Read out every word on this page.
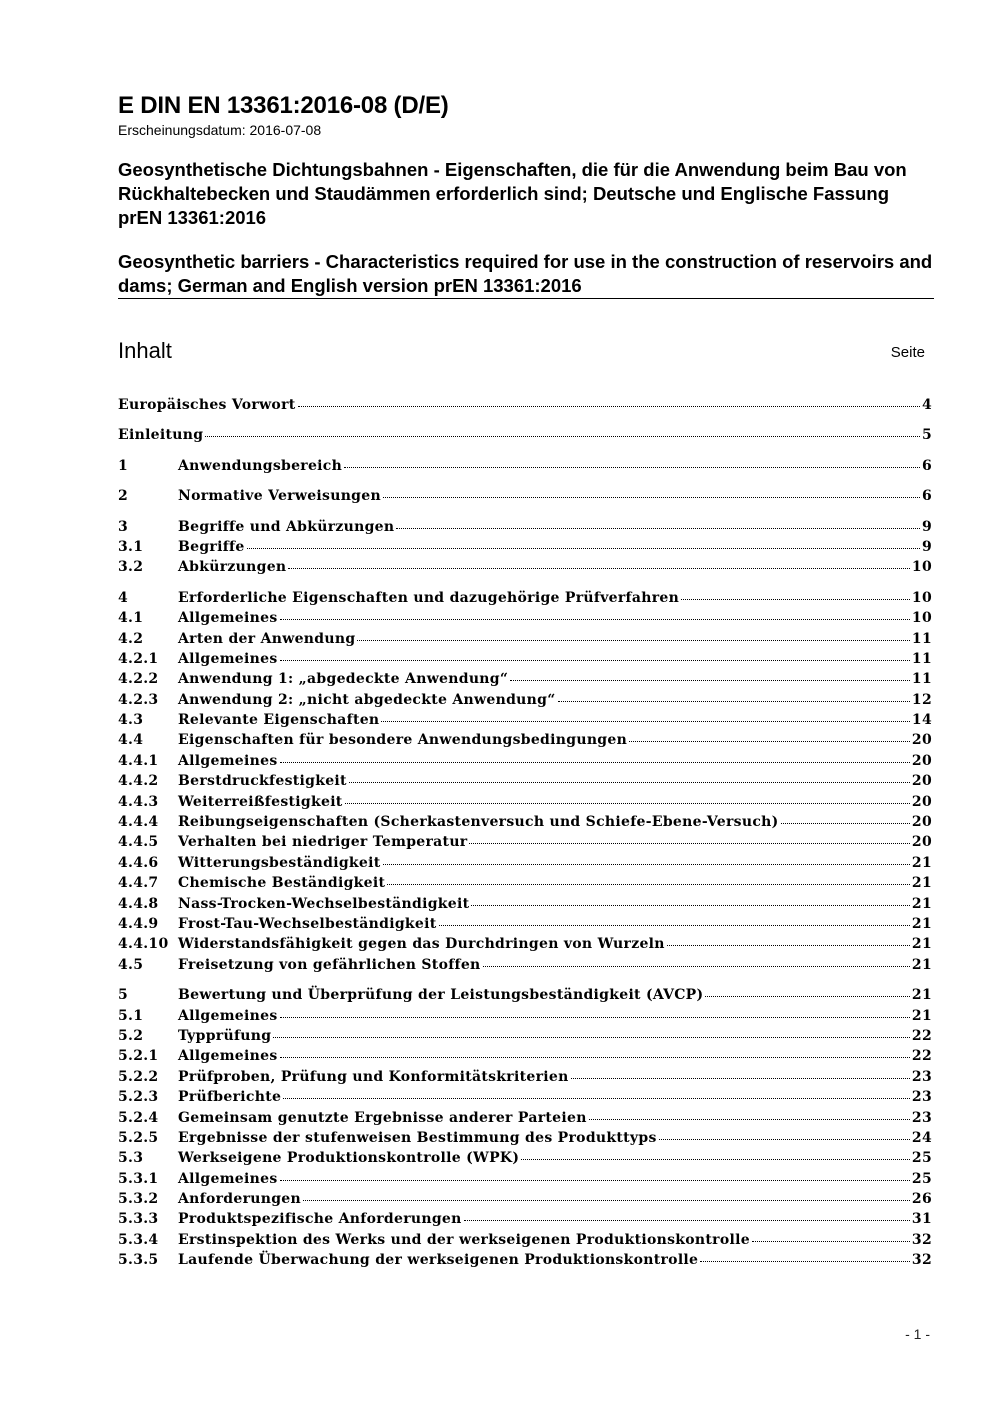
E DIN EN 13361:2016-08 (D/E)
Erscheinungsdatum: 2016-07-08
Geosynthetische Dichtungsbahnen - Eigenschaften, die für die Anwendung beim Bau von Rückhaltebecken und Staudämmen erforderlich sind; Deutsche und Englische Fassung prEN 13361:2016
Geosynthetic barriers - Characteristics required for use in the construction of reservoirs and dams; German and English version prEN 13361:2016
Inhalt	Seite
Europäisches Vorwort	4
Einleitung	5
1	Anwendungsbereich	6
2	Normative Verweisungen	6
3	Begriffe und Abkürzungen	9
3.1	Begriffe	9
3.2	Abkürzungen	10
4	Erforderliche Eigenschaften und dazugehörige Prüfverfahren	10
4.1	Allgemeines	10
4.2	Arten der Anwendung	11
4.2.1	Allgemeines	11
4.2.2	Anwendung 1: „abgedeckte Anwendung“	11
4.2.3	Anwendung 2: „nicht abgedeckte Anwendung“	12
4.3	Relevante Eigenschaften	14
4.4	Eigenschaften für besondere Anwendungsbedingungen	20
4.4.1	Allgemeines	20
4.4.2	Berstdruckfestigkeit	20
4.4.3	Weiterreißfestigkeit	20
4.4.4	Reibungseigenschaften (Scherkastenversuch und Schiefe-Ebene-Versuch)	20
4.4.5	Verhalten bei niedriger Temperatur	20
4.4.6	Witterungsbeständigkeit	21
4.4.7	Chemische Beständigkeit	21
4.4.8	Nass-Trocken-Wechselbeständigkeit	21
4.4.9	Frost-Tau-Wechselbeständigkeit	21
4.4.10 Widerstandsfähigkeit gegen das Durchdringen von Wurzeln	21
4.5	Freisetzung von gefährlichen Stoffen	21
5	Bewertung und Überprüfung der Leistungsbeständigkeit (AVCP)	21
5.1	Allgemeines	21
5.2	Typprüfung	22
5.2.1	Allgemeines	22
5.2.2	Prüfproben, Prüfung und Konformitätskriterien	23
5.2.3	Prüfberichte	23
5.2.4	Gemeinsam genutzte Ergebnisse anderer Parteien	23
5.2.5	Ergebnisse der stufenweisen Bestimmung des Produkttyps	24
5.3	Werkseigene Produktionskontrolle (WPK)	25
5.3.1	Allgemeines	25
5.3.2	Anforderungen	26
5.3.3	Produktspezifische Anforderungen	31
5.3.4	Erstinspektion des Werks und der werkseigenen Produktionskontrolle	32
5.3.5	Laufende Überwachung der werkseigenen Produktionskontrolle	32
- 1 -
